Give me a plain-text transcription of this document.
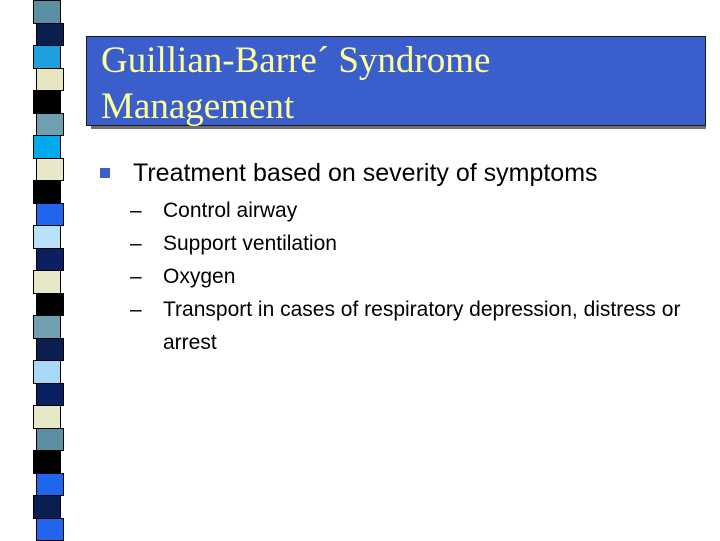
Guillian-Barre´ Syndrome
Management
Treatment based on severity of symptoms
– Control airway
– Support ventilation
– Oxygen
– Transport in cases of respiratory depression, distress or arrest
